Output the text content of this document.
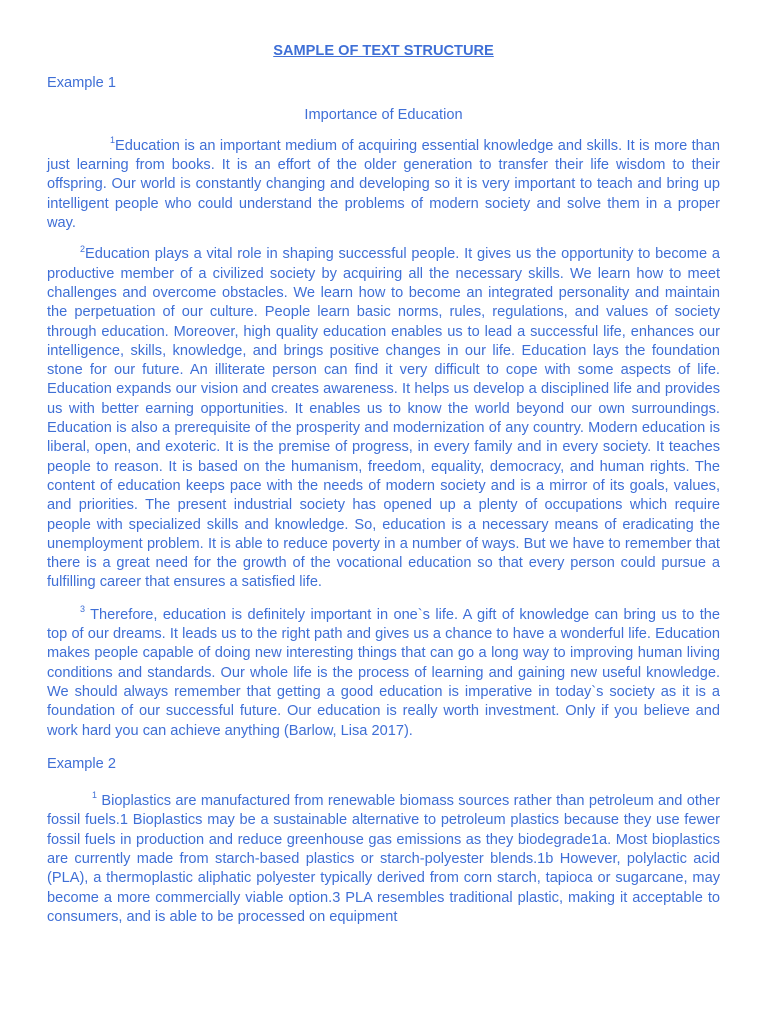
SAMPLE OF TEXT STRUCTURE
Example 1
Importance of Education

$^1$Education is an important medium of acquiring essential knowledge and skills. It is more than just learning from books. It is an effort of the older generation to transfer their life wisdom to their offspring. Our world is constantly changing and developing so it is very important to teach and bring up intelligent people who could understand the problems of modern society and solve them in a proper way.

$^2$Education plays a vital role in shaping successful people. It gives us the opportunity to become a productive member of a civilized society by acquiring all the necessary skills. We learn how to meet challenges and overcome obstacles. We learn how to become an integrated personality and maintain the perpetuation of our culture. People learn basic norms, rules, regulations, and values of society through education. Moreover, high quality education enables us to lead a successful life, enhances our intelligence, skills, knowledge, and brings positive changes in our life. Education lays the foundation stone for our future. An illiterate person can find it very difficult to cope with some aspects of life. Education expands our vision and creates awareness. It helps us develop a disciplined life and provides us with better earning opportunities. It enables us to know the world beyond our own surroundings. Education is also a prerequisite of the prosperity and modernization of any country. Modern education is liberal, open, and exoteric. It is the premise of progress, in every family and in every society. It teaches people to reason. It is based on the humanism, freedom, equality, democracy, and human rights. The content of education keeps pace with the needs of modern society and is a mirror of its goals, values, and priorities. The present industrial society has opened up a plenty of occupations which require people with specialized skills and knowledge. So, education is a necessary means of eradicating the unemployment problem. It is able to reduce poverty in a number of ways. But we have to remember that there is a great need for the growth of the vocational education so that every person could pursue a fulfilling career that ensures a satisfied life.

$^3$ Therefore, education is definitely important in one`s life. A gift of knowledge can bring us to the top of our dreams. It leads us to the right path and gives us a chance to have a wonderful life. Education makes people capable of doing new interesting things that can go a long way to improving human living conditions and standards. Our whole life is the process of learning and gaining new useful knowledge. We should always remember that getting a good education is imperative in today`s society as it is a foundation of our successful future. Our education is really worth investment. Only if you believe and work hard you can achieve anything (Barlow, Lisa 2017).

Example 2

$^1$ Bioplastics are manufactured from renewable biomass sources rather than petroleum and other fossil fuels.1 Bioplastics may be a sustainable alternative to petroleum plastics because they use fewer fossil fuels in production and reduce greenhouse gas emissions as they biodegrade1a. Most bioplastics are currently made from starch-based plastics or starch-polyester blends.1b However, polylactic acid (PLA), a thermoplastic aliphatic polyester typically derived from corn starch, tapioca or sugarcane, may become a more commercially viable option.3 PLA resembles traditional plastic, making it acceptable to consumers, and is able to be processed on equipment
